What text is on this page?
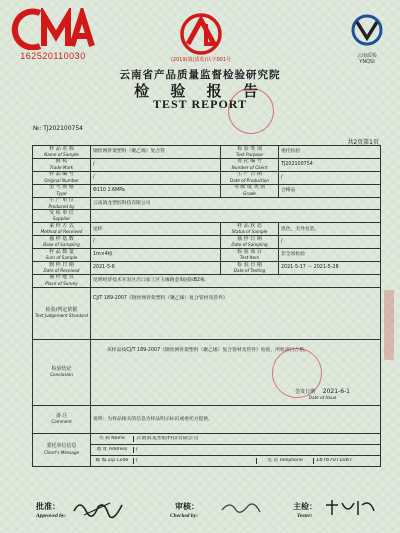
162520110030	(2019)滇(质监)认字001号
云南质检
YNQSI
云南省产品质量监督检验研究院
检 验 报 告
TEST REPORT
№: TJ202100754
共2页第1页
样 品 名 称
Name of Sample
	钢丝网骨架塑料（聚乙烯）复合管	
检 验 类 别
Test Purpose
	委托检验

商 标
Trade Mark
	/	
委 托 编 号
Number of Client
	TJ202100754

样 品 编 号
Original Number
	/	
生 产 日 期
Date of Production
	/

型 号 规 格
Type
	Φ110 1.6MPa	
等 级 或 类 别
Grade
	合格品

生 产 单 位
Produced by
	云南滇龙塑胶科技有限公司

受 检 单 位
Supplier

来 样 方 式
Method of Received
	送样	
样 品 状 态
Status of Sample
	黑色，无外包装。

抽 样 基 数
Base of Sampling
	/	
抽 样 日 期
Date of Sampling
	/

样 品 数 量
Sum of Sample
	1m×4根	
检 验 项 目
Test Item
	非全项检验

到 样 日 期
Date of Received
	2021-5-6	
检 验 日 期
Date of Testing
	2021-5-17 ～ 2021-5-28

抽 样 地 点
Place of Survey
	昆明经济技术开发区出口加工区玉缘路金海国际B2栋

检验/判定依据
Test Judgement Standard
	CJ/T 189-2007《钢丝网骨架塑料（聚乙烯）复合管材及管件》

检验结论
Conclusion

该样品按CJ/T 189-2007《钢丝网骨架塑料（聚乙烯）复合管材及管件》检验，所检项目合格。
签发日期 2021-6-1
Date of Issue

备 注
Comment
	说明：为样品相关的信息为样品明示标识或委托方提供。

委托单位信息
Client's Message

名 称 Name	云南滇龙塑胶科技有限公司

地 址 Address	/

邮 编 Zip Code	/	电 话 Telephone	18787071087
批准：
Approved by:
审核：
Checked by:
主检：
Tester:
